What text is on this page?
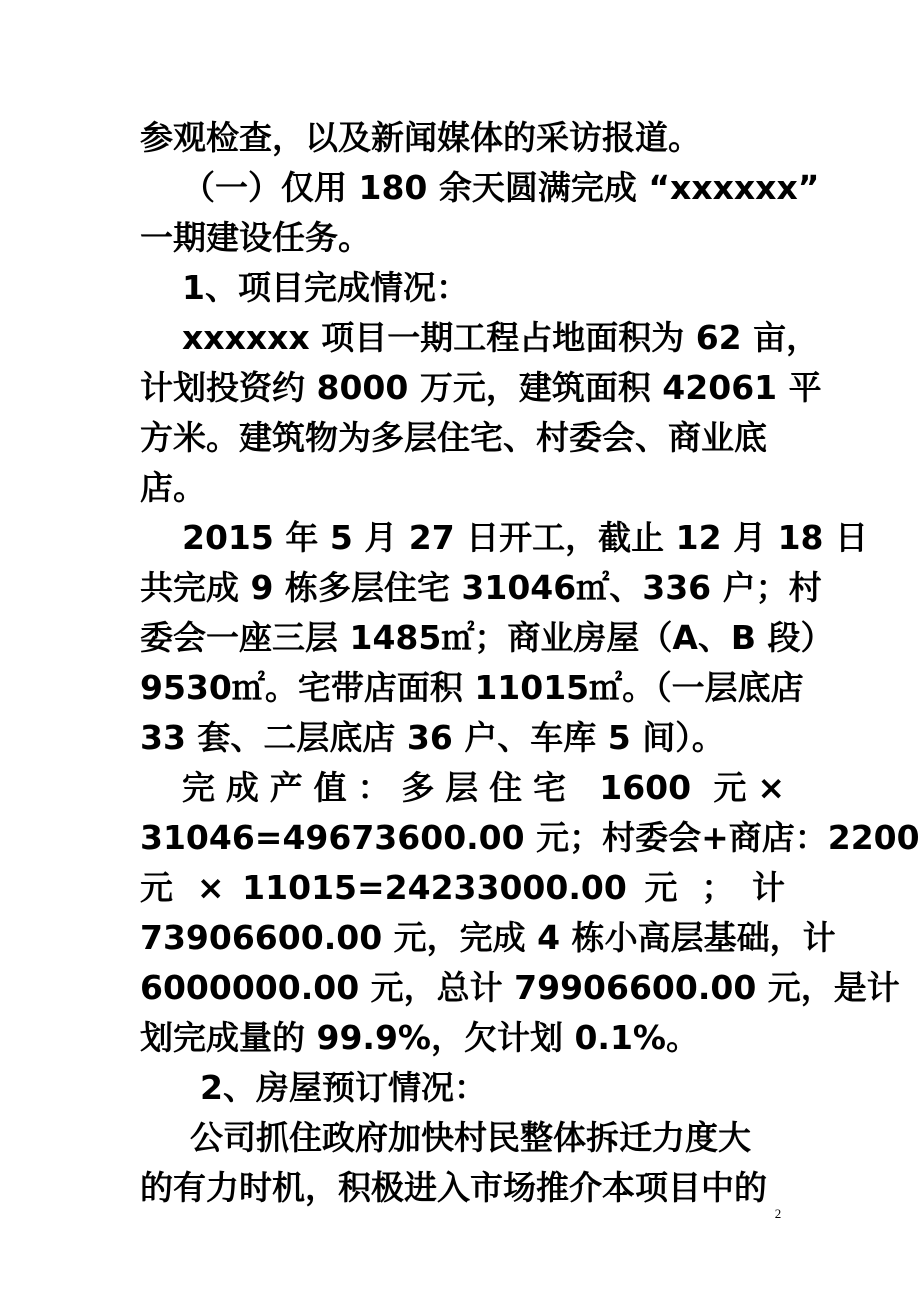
参观检查，以及新闻媒体的采访报道。
（一）仅用 180 余天圆满完成 “xxxxxx”
一期建设任务。
1、项目完成情况：
xxxxxx 项目一期工程占地面积为 62 亩，
计划投资约 8000 万元，建筑面积 42061 平
方米。建筑物为多层住宅、村委会、商业底
店。
2015 年 5 月 27 日开工，截止 12 月 18 日
共完成 9 栋多层住宅 31046㎡、336 户；村
委会一座三层 1485㎡；商业房屋（A、B 段）
9530㎡。宅带店面积 11015㎡。（一层底店
33 套、二层底店 36 户、车库 5 间）。
完成产值：多层住宅 1600 元×
31046=49673600.00 元；村委会+商店：2200
元 × 11015=24233000.00 元 ； 计
73906600.00 元，完成 4 栋小高层基础，计
6000000.00 元，总计 79906600.00 元，是计
划完成量的 99.9%，欠计划 0.1%。
2、房屋预订情况：
公司抓住政府加快村民整体拆迁力度大
的有力时机，积极进入市场推介本项目中的
2
